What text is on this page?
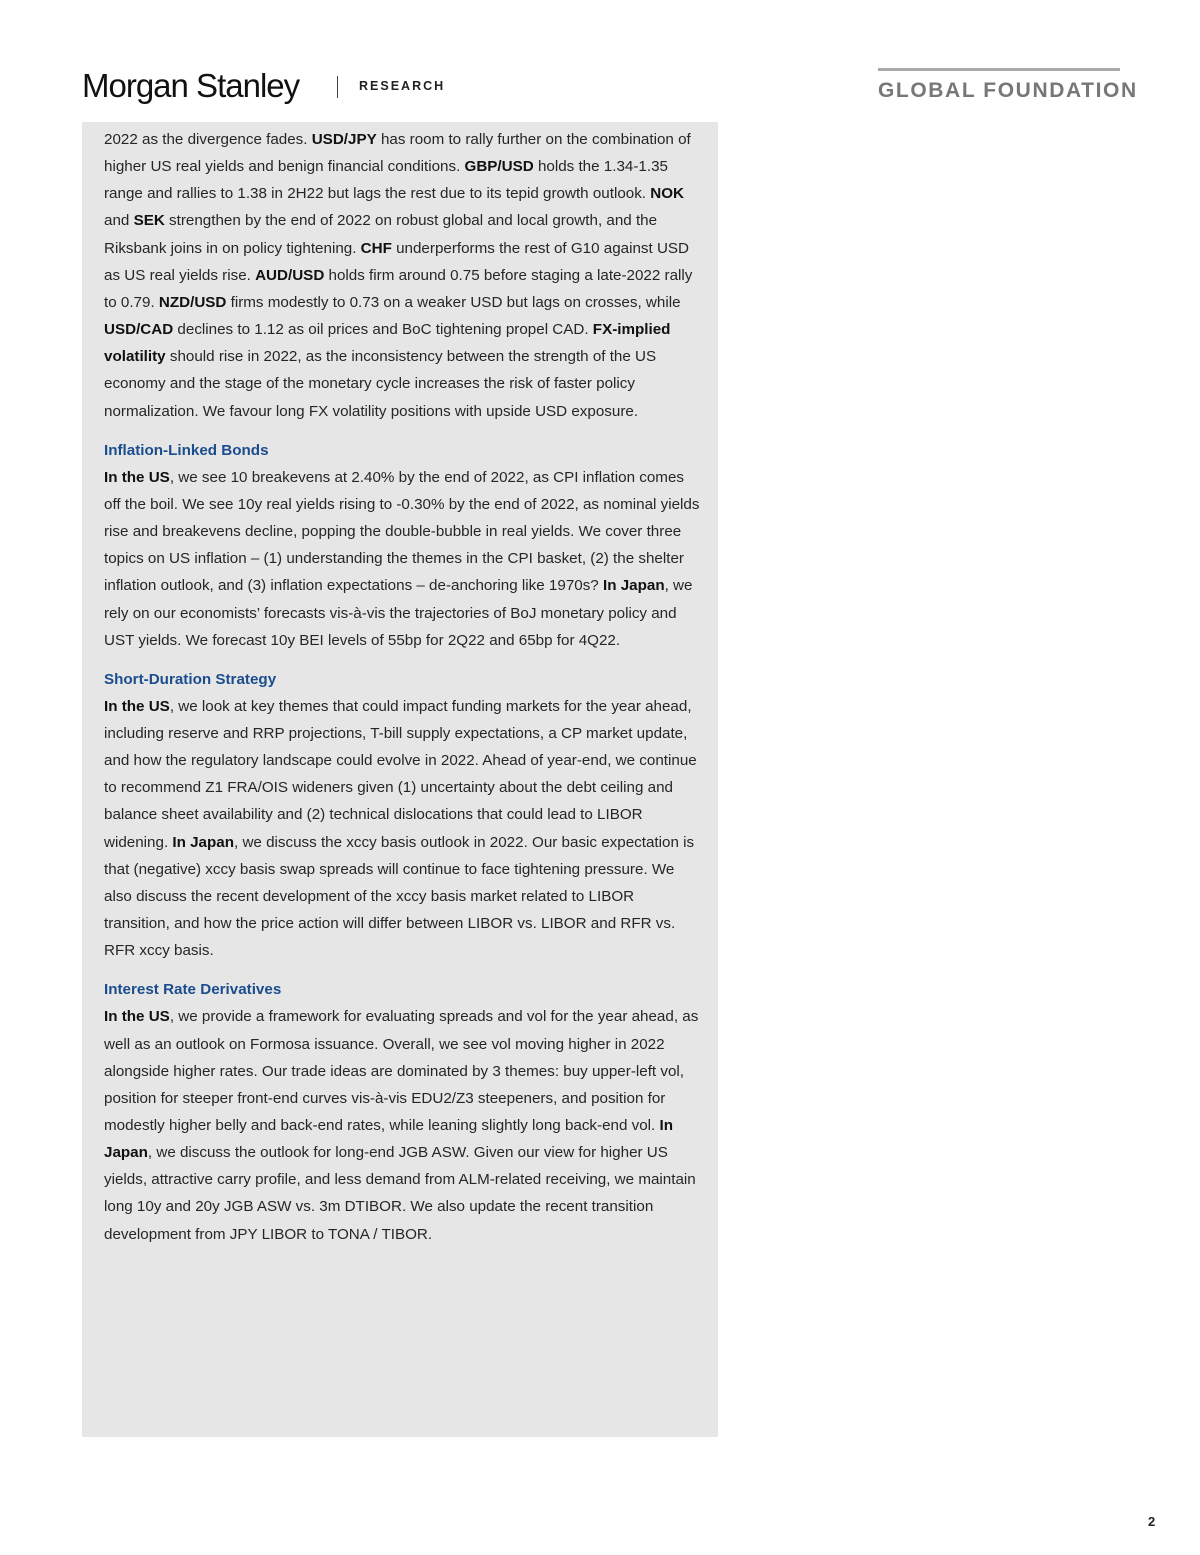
Morgan Stanley	RESEARCH	GLOBAL FOUNDATION

2022 as the divergence fades. USD/JPY has room to rally further on the combination of higher US real yields and benign financial conditions. GBP/USD holds the 1.34-1.35 range and rallies to 1.38 in 2H22 but lags the rest due to its tepid growth outlook. NOK and SEK strengthen by the end of 2022 on robust global and local growth, and the Riksbank joins in on policy tightening. CHF underperforms the rest of G10 against USD as US real yields rise. AUD/USD holds firm around 0.75 before staging a late-2022 rally to 0.79. NZD/USD firms modestly to 0.73 on a weaker USD but lags on crosses, while USD/CAD declines to 1.12 as oil prices and BoC tightening propel CAD. FX-implied volatility should rise in 2022, as the inconsistency between the strength of the US economy and the stage of the monetary cycle increases the risk of faster policy normalization. We favour long FX volatility positions with upside USD exposure.

Inflation-Linked Bonds

In the US, we see 10 breakevens at 2.40% by the end of 2022, as CPI inflation comes off the boil. We see 10y real yields rising to -0.30% by the end of 2022, as nominal yields rise and breakevens decline, popping the double-bubble in real yields. We cover three topics on US inflation – (1) understanding the themes in the CPI basket, (2) the shelter inflation outlook, and (3) inflation expectations – de-anchoring like 1970s? In Japan, we rely on our economists’ forecasts vis-à-vis the trajectories of BoJ monetary policy and UST yields. We forecast 10y BEI levels of 55bp for 2Q22 and 65bp for 4Q22.

Short-Duration Strategy

In the US, we look at key themes that could impact funding markets for the year ahead, including reserve and RRP projections, T-bill supply expectations, a CP market update, and how the regulatory landscape could evolve in 2022. Ahead of year-end, we continue to recommend Z1 FRA/OIS wideners given (1) uncertainty about the debt ceiling and balance sheet availability and (2) technical dislocations that could lead to LIBOR widening. In Japan, we discuss the xccy basis outlook in 2022. Our basic expectation is that (negative) xccy basis swap spreads will continue to face tightening pressure. We also discuss the recent development of the xccy basis market related to LIBOR transition, and how the price action will differ between LIBOR vs. LIBOR and RFR vs. RFR xccy basis.

Interest Rate Derivatives

In the US, we provide a framework for evaluating spreads and vol for the year ahead, as well as an outlook on Formosa issuance. Overall, we see vol moving higher in 2022 alongside higher rates. Our trade ideas are dominated by 3 themes: buy upper-left vol, position for steeper front-end curves vis-à-vis EDU2/Z3 steepeners, and position for modestly higher belly and back-end rates, while leaning slightly long back-end vol. In Japan, we discuss the outlook for long-end JGB ASW. Given our view for higher US yields, attractive carry profile, and less demand from ALM-related receiving, we maintain long 10y and 20y JGB ASW vs. 3m DTIBOR. We also update the recent transition development from JPY LIBOR to TONA / TIBOR.

2
